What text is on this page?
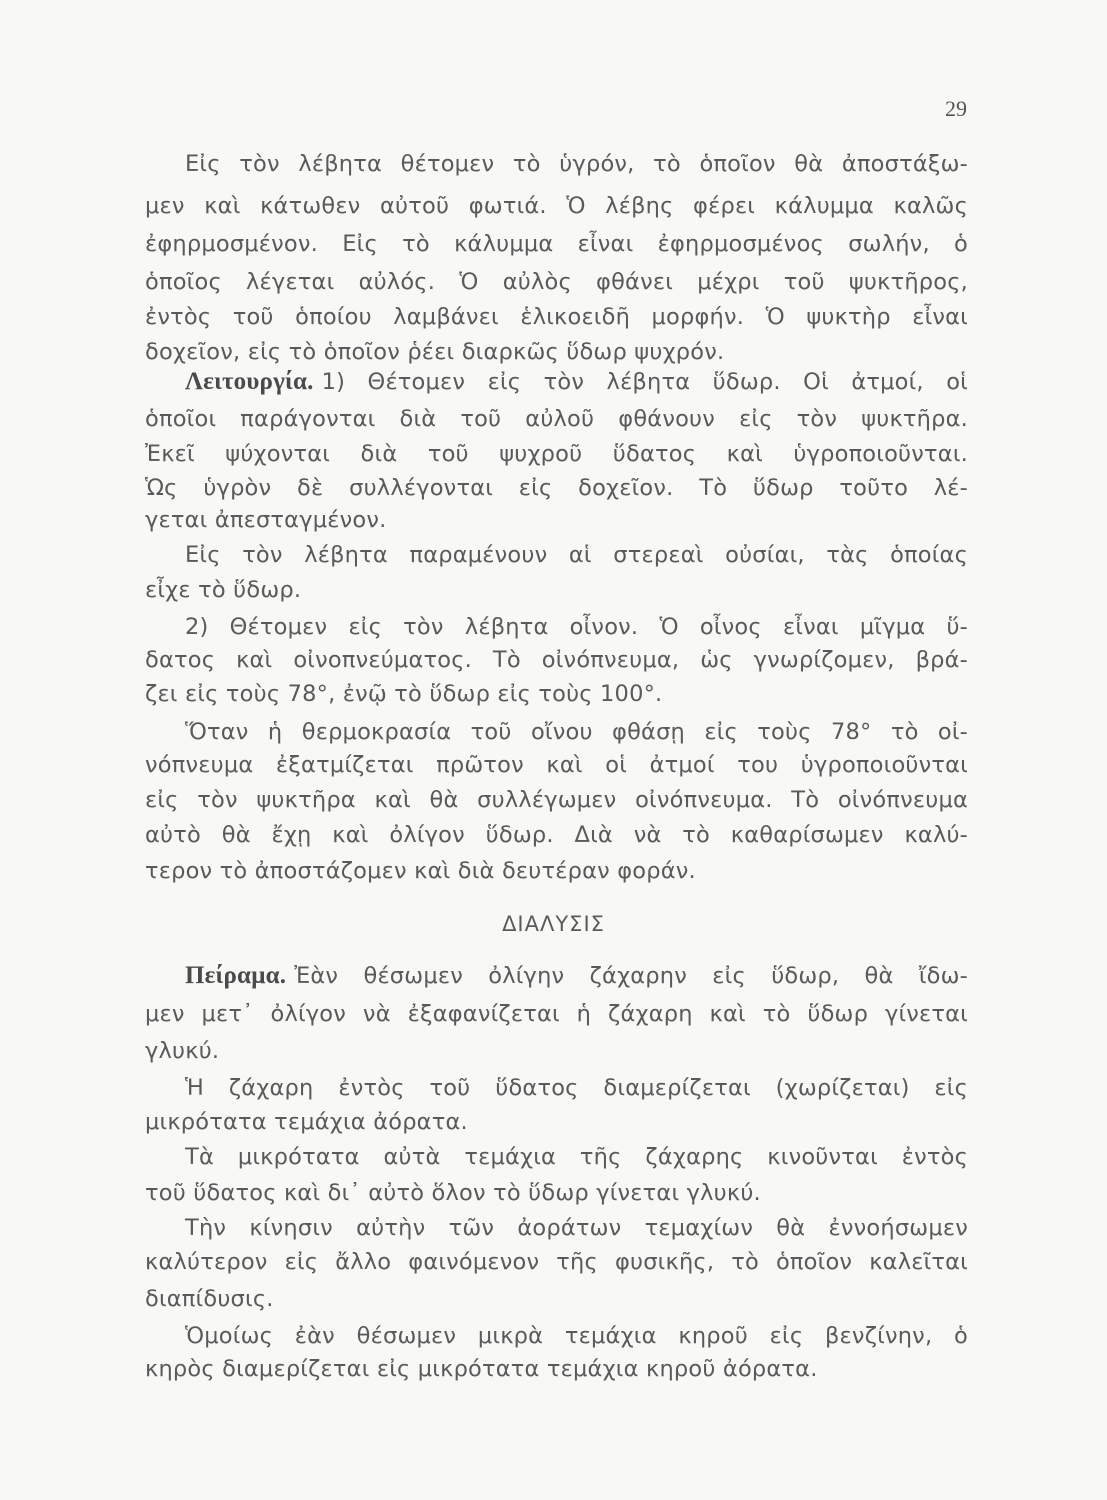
29
Εἰς τὸν λέβητα θέτομεν τὸ ὑγρόν, τὸ ὁποῖον θὰ ἀποστάξω-
μεν καὶ κάτωθεν αὐτοῦ φωτιά. Ὁ λέβης φέρει κάλυμμα καλῶς
ἐφηρμοσμένον. Εἰς τὸ κάλυμμα εἶναι ἐφηρμοσμένος σωλήν, ὁ
ὁποῖος λέγεται αὐλός. Ὁ αὐλὸς φθάνει μέχρι τοῦ ψυκτῆρος,
ἐντὸς τοῦ ὁποίου λαμβάνει ἑλικοειδῆ μορφήν. Ὁ ψυκτὴρ εἶναι
δοχεῖον, εἰς τὸ ὁποῖον ῥέει διαρκῶς ὕδωρ ψυχρόν.
Λειτουργία. 1) Θέτομεν εἰς τὸν λέβητα ὕδωρ. Οἱ ἀτμοί, οἱ
ὁποῖοι παράγονται διὰ τοῦ αὐλοῦ φθάνουν εἰς τὸν ψυκτῆρα.
Ἐκεῖ ψύχονται διὰ τοῦ ψυχροῦ ὕδατος καὶ ὑγροποιοῦνται.
Ὡς ὑγρὸν δὲ συλλέγονται εἰς δοχεῖον. Τὸ ὕδωρ τοῦτο λέ-
γεται ἀπεσταγμένον.
Εἰς τὸν λέβητα παραμένουν αἱ στερεαὶ οὐσίαι, τὰς ὁποίας
εἶχε τὸ ὕδωρ.
2) Θέτομεν εἰς τὸν λέβητα οἶνον. Ὁ οἶνος εἶναι μῖγμα ὕ-
δατος καὶ οἰνοπνεύματος. Τὸ οἰνόπνευμα, ὡς γνωρίζομεν, βρά-
ζει εἰς τοὺς 78°, ἐνῷ τὸ ὕδωρ εἰς τοὺς 100°.
Ὅταν ἡ θερμοκρασία τοῦ οἴνου φθάσῃ εἰς τοὺς 78° τὸ οἰ-
νόπνευμα ἐξατμίζεται πρῶτον καὶ οἱ ἀτμοί του ὑγροποιοῦνται
εἰς τὸν ψυκτῆρα καὶ θὰ συλλέγωμεν οἰνόπνευμα. Τὸ οἰνόπνευμα
αὐτὸ θὰ ἔχῃ καὶ ὀλίγον ὕδωρ. Διὰ νὰ τὸ καθαρίσωμεν καλύ-
τερον τὸ ἀποστάζομεν καὶ διὰ δευτέραν φοράν.
ΔΙΑΛΥΣΙΣ
Πείραμα. Ἐὰν θέσωμεν ὀλίγην ζάχαρην εἰς ὕδωρ, θὰ ἴδω-
μεν μετ᾽ ὀλίγον νὰ ἐξαφανίζεται ἡ ζάχαρη καὶ τὸ ὕδωρ γίνεται
γλυκύ.
Ἡ ζάχαρη ἐντὸς τοῦ ὕδατος διαμερίζεται (χωρίζεται) εἰς
μικρότατα τεμάχια ἀόρατα.
Τὰ μικρότατα αὐτὰ τεμάχια τῆς ζάχαρης κινοῦνται ἐντὸς
τοῦ ὕδατος καὶ δι᾽ αὐτὸ ὅλον τὸ ὕδωρ γίνεται γλυκύ.
Τὴν κίνησιν αὐτὴν τῶν ἀοράτων τεμαχίων θὰ ἐννοήσωμεν
καλύτερον εἰς ἄλλο φαινόμενον τῆς φυσικῆς, τὸ ὁποῖον καλεῖται
διαπίδυσις.
Ὁμοίως ἐὰν θέσωμεν μικρὰ τεμάχια κηροῦ εἰς βενζίνην, ὁ
κηρὸς διαμερίζεται εἰς μικρότατα τεμάχια κηροῦ ἀόρατα.
